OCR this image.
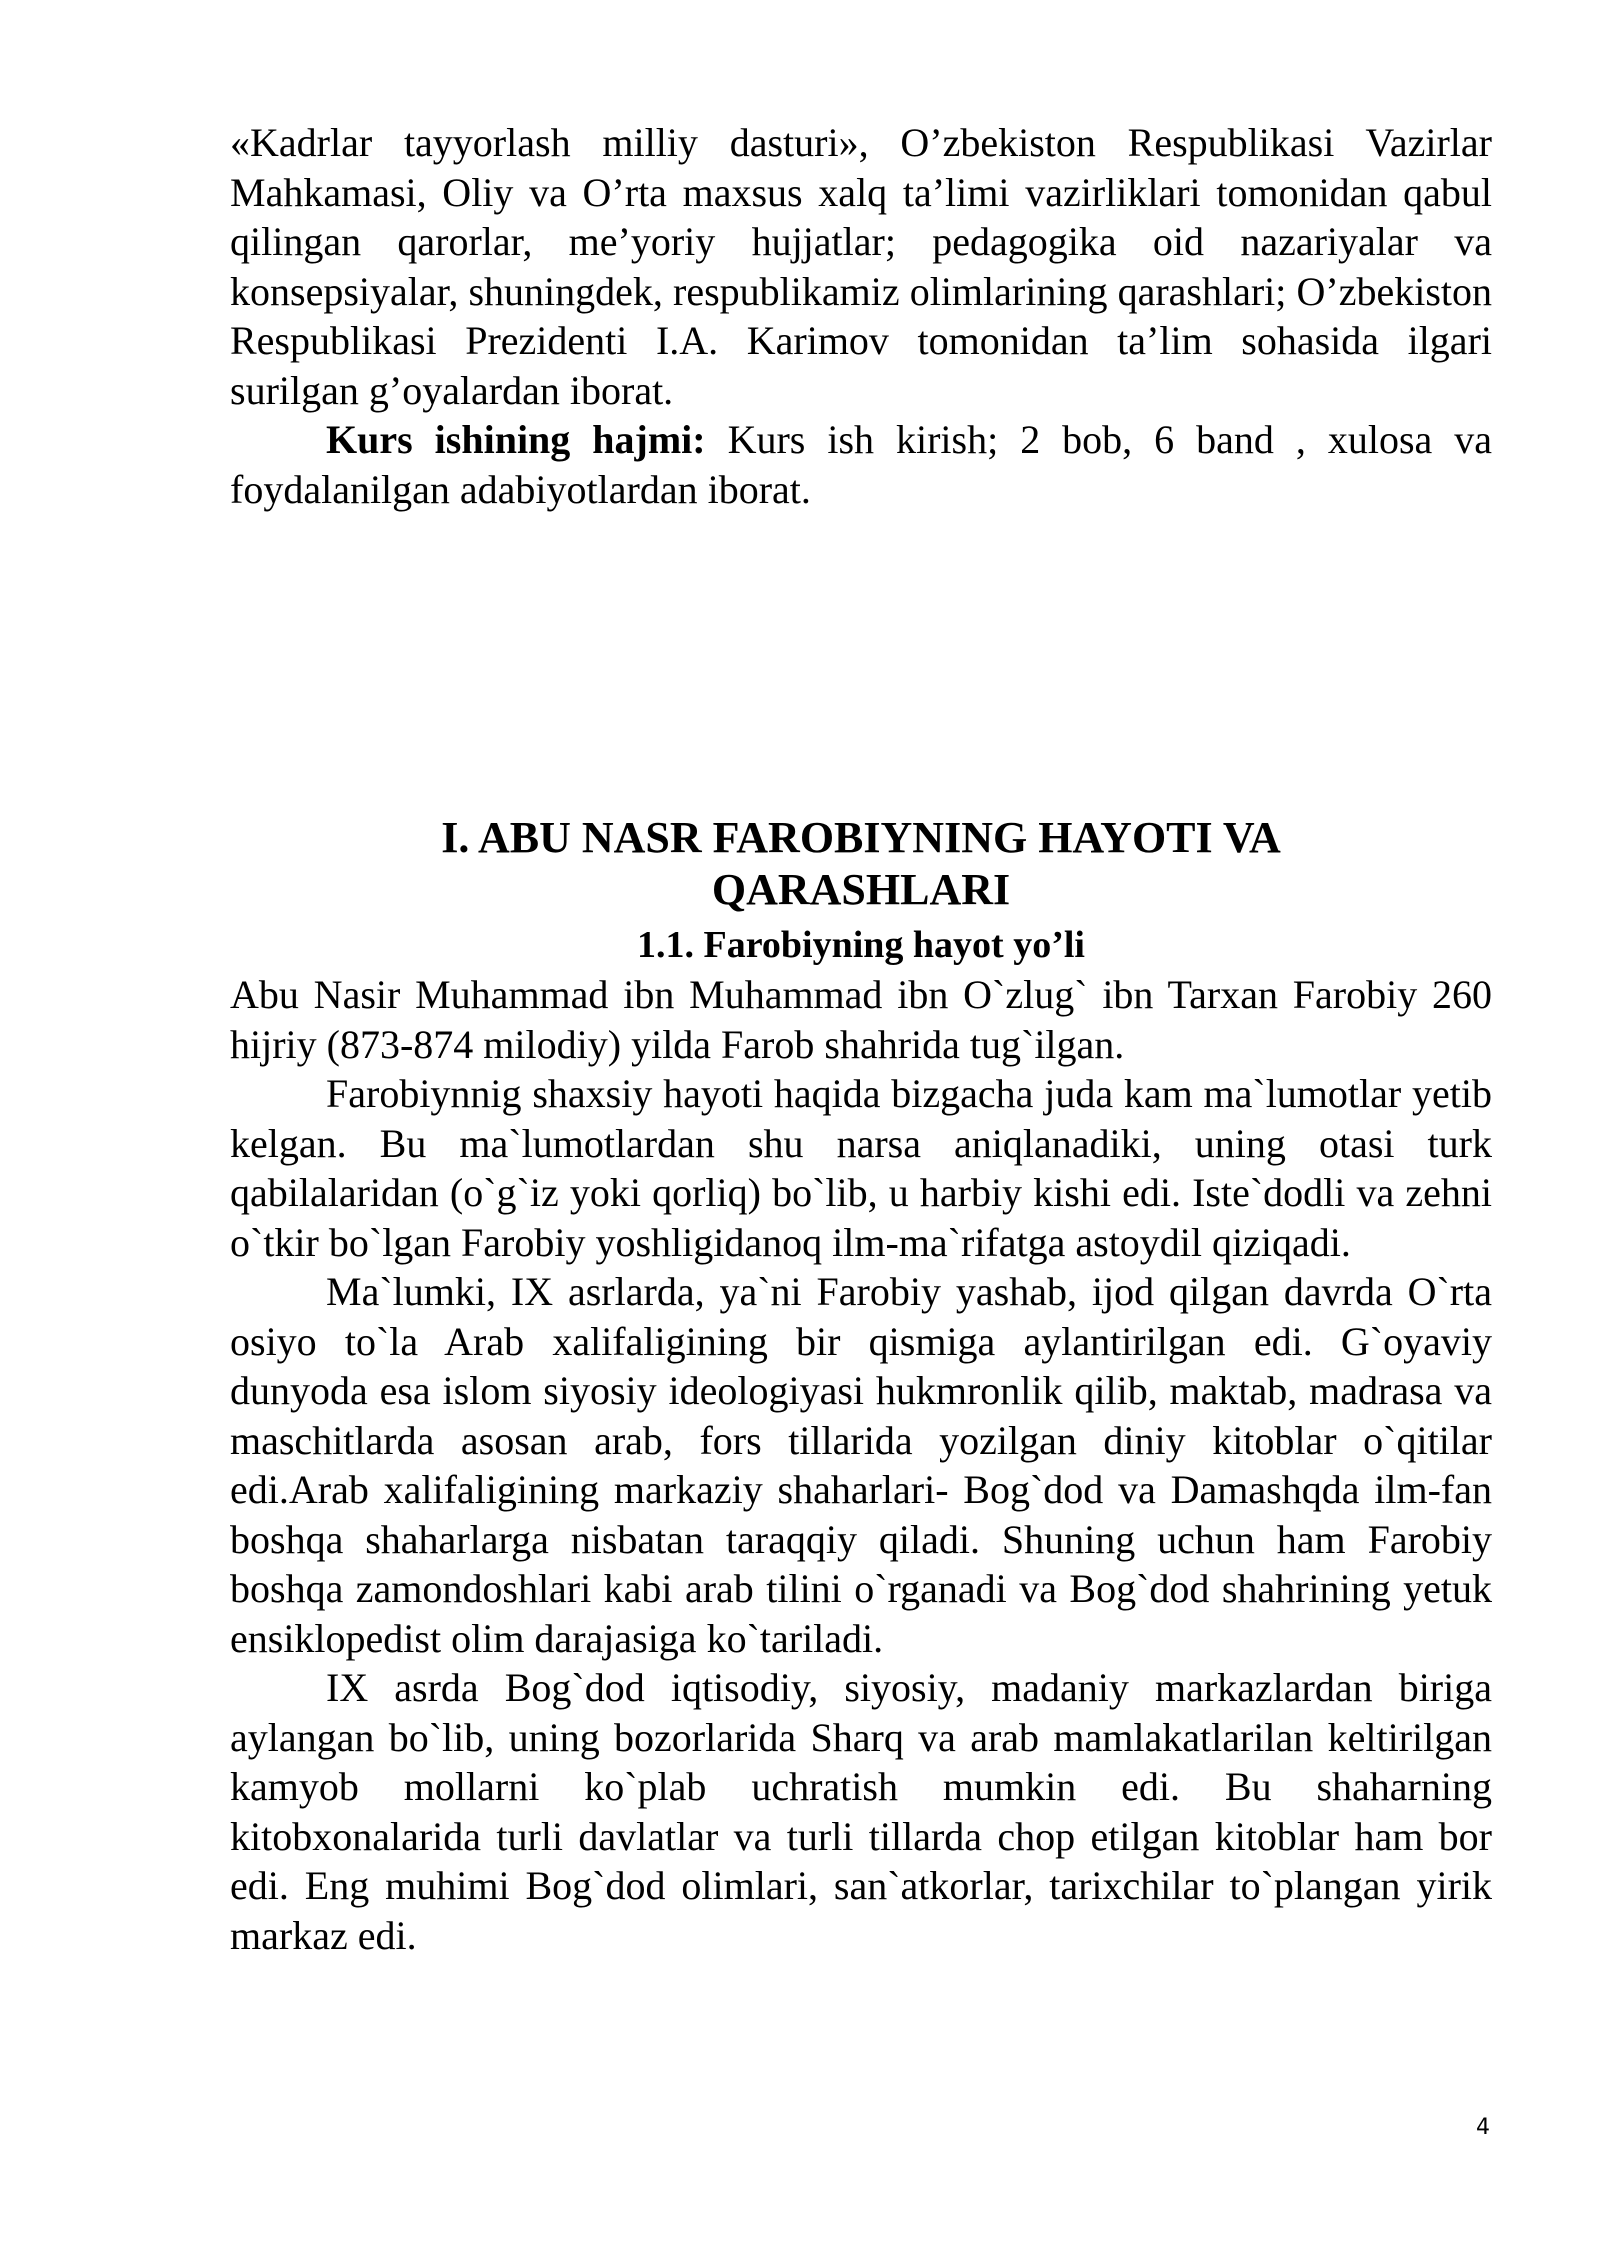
«Kadrlar tayyorlash milliy dasturi», O’zbekiston Respublikasi Vazirlar Mahkamasi, Oliy va O’rta maxsus xalq ta’limi vazirliklari tomonidan qabul qilingan qarorlar, me’yoriy hujjatlar; pedagogika oid nazariyalar va konsepsiyalar, shuningdek, respublikamiz olimlarining qarashlari; O’zbekiston Respublikasi Prezidenti I.A. Karimov tomonidan ta’lim sohasida ilgari surilgan g’oyalardan iborat.

Kurs ishining hajmi: Kurs ish kirish; 2 bob, 6 band , xulosa va foydalanilgan adabiyotlardan iborat.

I. ABU NASR FAROBIYNING HAYOTI VA QARASHLARI
1.1. Farobiyning hayot yo’li

Abu Nasir Muhammad ibn Muhammad ibn O`zlug` ibn Tarxan Farobiy 260 hijriy (873-874 milodiy) yilda Farob shahrida tug`ilgan.

Farobiynnig shaxsiy hayoti haqida bizgacha juda kam ma`lumotlar yetib kelgan. Bu ma`lumotlardan shu narsa aniqlanadiki, uning otasi turk qabilalaridan (o`g`iz yoki qorliq) bo`lib, u harbiy kishi edi. Iste`dodli va zehni o`tkir bo`lgan Farobiy yoshligidanoq ilm-ma`rifatga astoydil qiziqadi.

Ma`lumki, IX asrlarda, ya`ni Farobiy yashab, ijod qilgan davrda O`rta osiyo to`la Arab xalifaligining bir qismiga aylantirilgan edi. G`oyaviy dunyoda esa islom siyosiy ideologiyasi hukmronlik qilib, maktab, madrasa va maschitlarda asosan arab, fors tillarida yozilgan diniy kitoblar o`qitilar edi.Arab xalifaligining markaziy shaharlari- Bog`dod va Damashqda ilm-fan boshqa shaharlarga nisbatan taraqqiy qiladi. Shuning uchun ham Farobiy boshqa zamondoshlari kabi arab tilini o`rganadi va Bog`dod shahrining yetuk ensiklopedist olim darajasiga ko`tariladi.

IX asrda Bog`dod iqtisodiy, siyosiy, madaniy markazlardan biriga aylangan bo`lib, uning bozorlarida Sharq va arab mamlakatlarilan keltirilgan kamyob mollarni ko`plab uchratish mumkin edi. Bu shaharning kitobxonalarida turli davlatlar va turli tillarda chop etilgan kitoblar ham bor edi. Eng muhimi Bog`dod olimlari, san`atkorlar, tarixchilar to`plangan yirik markaz edi.

4
